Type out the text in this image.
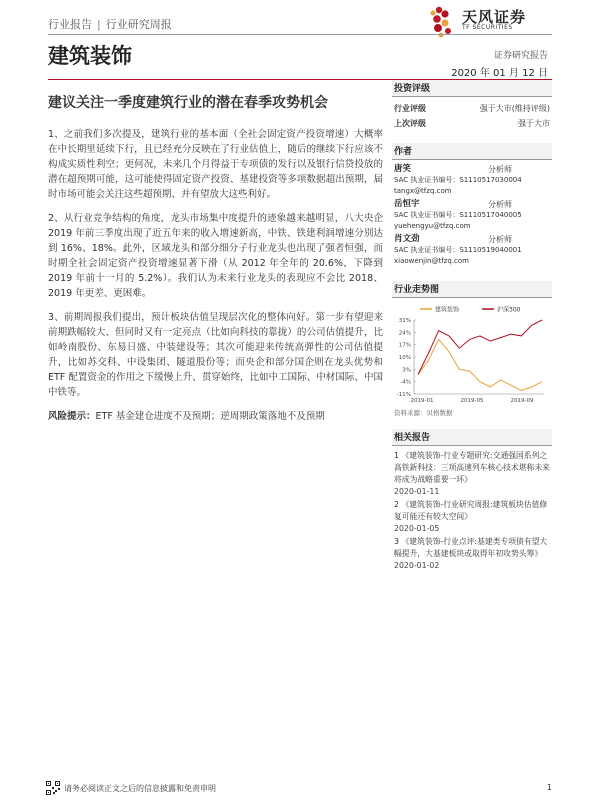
行业报告 | 行业研究周报	天风证券
TF SECURITIES
建筑装饰	证券研究报告
2020 年 01 月 12 日
建议关注一季度建筑行业的潜在春季攻势机会

1、之前我们多次提及，建筑行业的基本面（全社会固定资产投资增速）大概率在中长期里延续下行，且已经充分反映在了行业估值上，随后的继续下行应该不构成实质性利空；更何况，未来几个月得益于专项债的发行以及银行信贷投放的潜在超预期可能，这可能使得固定资产投资、基建投资等多项数据超出预期，届时市场可能会关注这些超预期、并有望放大这些利好。

2、从行业竞争结构的角度，龙头市场集中度提升的迹象越来越明显，八大央企 2019 年前三季度出现了近五年来的收入增速新高，中铁、铁建利润增速分别达到 16%、18%。此外，区域龙头和部分细分子行业龙头也出现了强者恒强，而时期全社会固定资产投资增速显著下滑（从 2012 年全年的 20.6%，下降到 2019 年前十一月的 5.2%）。我们认为未来行业龙头的表现应不会比 2018、2019 年更差、更困难。

3、前期周报我们提出，预计板块估值呈现层次化的整体向好。第一步有望迎来前期跌幅较大、但同时又有一定亮点（比如向科技的靠拢）的公司估值提升，比如岭南股份、东易日盛、中装建设等；其次可能迎来传统高弹性的公司估值提升，比如苏交科、中设集团、隧道股份等；而央企和部分国企则在龙头优势和 ETF 配置资金的作用之下缓慢上升、贯穿始终，比如中工国际、中材国际、中国中铁等。

风险提示：ETF 基金建仓进度不及预期；逆周期政策落地不及预期

投资评级
行业评级	强于大市(维持评级)
上次评级	强于大市
作者
唐笑	分析师
SAC 执业证书编号：S1110517030004
tangx@tfzq.com
岳恒宇	分析师
SAC 执业证书编号：S1110517040005
yuehengyu@tfzq.com
肖文劲	分析师
SAC 执业证书编号：S1110519040001
xiaowenjin@tfzq.com
行业走势图
建筑装饰	沪深300
31%
24%
17%
10%
3%
-4%
-11%
2019-01	2019-05	2019-09
资料来源：贝格数据
相关报告
1 《建筑装饰-行业专题研究:交通强国系列之高铁新科技：三项高速列车核心技术堪称未来将成为战略重要一环》
2020-01-11
2 《建筑装饰-行业研究周报:建筑板块估值修复可能还有较大空间》
2020-01-05
3 《建筑装饰-行业点评:基建类专项债有望大幅提升，大基建板块或取得年初攻势头筹》
2020-01-02
请务必阅读正文之后的信息披露和免责申明	1
